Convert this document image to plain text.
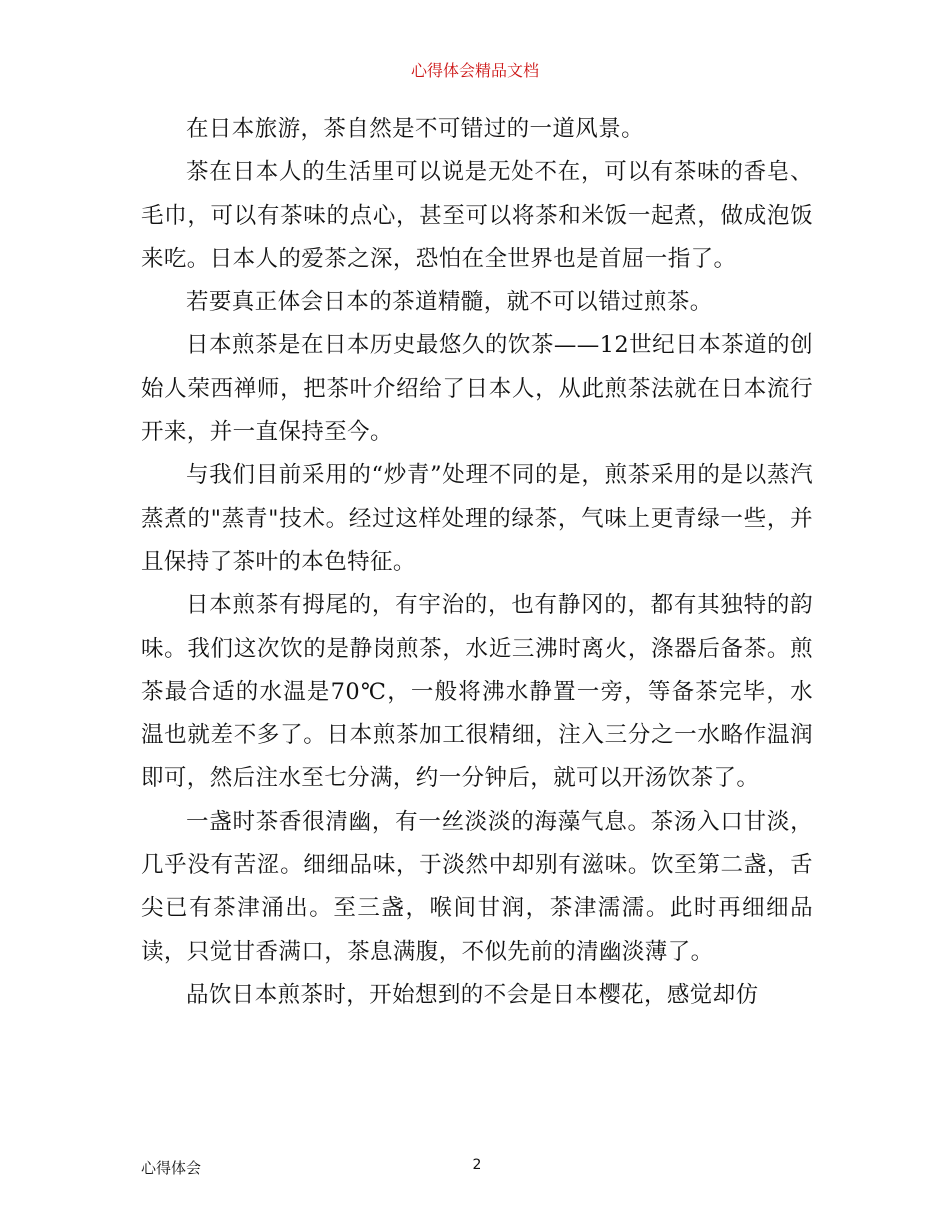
心得体会精品文档

在日本旅游，茶自然是不可错过的一道风景。

茶在日本人的生活里可以说是无处不在，可以有茶味的香皂、毛巾，可以有茶味的点心，甚至可以将茶和米饭一起煮，做成泡饭来吃。日本人的爱茶之深，恐怕在全世界也是首屈一指了。

若要真正体会日本的茶道精髓，就不可以错过煎茶。

日本煎茶是在日本历史最悠久的饮茶——12世纪日本茶道的创始人荣西禅师，把茶叶介绍给了日本人，从此煎茶法就在日本流行开来，并一直保持至今。

与我们目前采用的“炒青”处理不同的是，煎茶采用的是以蒸汽蒸煮的"蒸青"技术。经过这样处理的绿茶，气味上更青绿一些，并且保持了茶叶的本色特征。

日本煎茶有拇尾的，有宇治的，也有静冈的，都有其独特的韵味。我们这次饮的是静岗煎茶，水近三沸时离火，涤器后备茶。煎茶最合适的水温是70℃，一般将沸水静置一旁，等备茶完毕，水温也就差不多了。日本煎茶加工很精细，注入三分之一水略作温润即可，然后注水至七分满，约一分钟后，就可以开汤饮茶了。

一盏时茶香很清幽，有一丝淡淡的海藻气息。茶汤入口甘淡，几乎没有苦涩。细细品味，于淡然中却别有滋味。饮至第二盏，舌尖已有茶津涌出。至三盏，喉间甘润，茶津濡濡。此时再细细品读，只觉甘香满口，茶息满腹，不似先前的清幽淡薄了。

品饮日本煎茶时，开始想到的不会是日本樱花，感觉却仿

心得体会	2
